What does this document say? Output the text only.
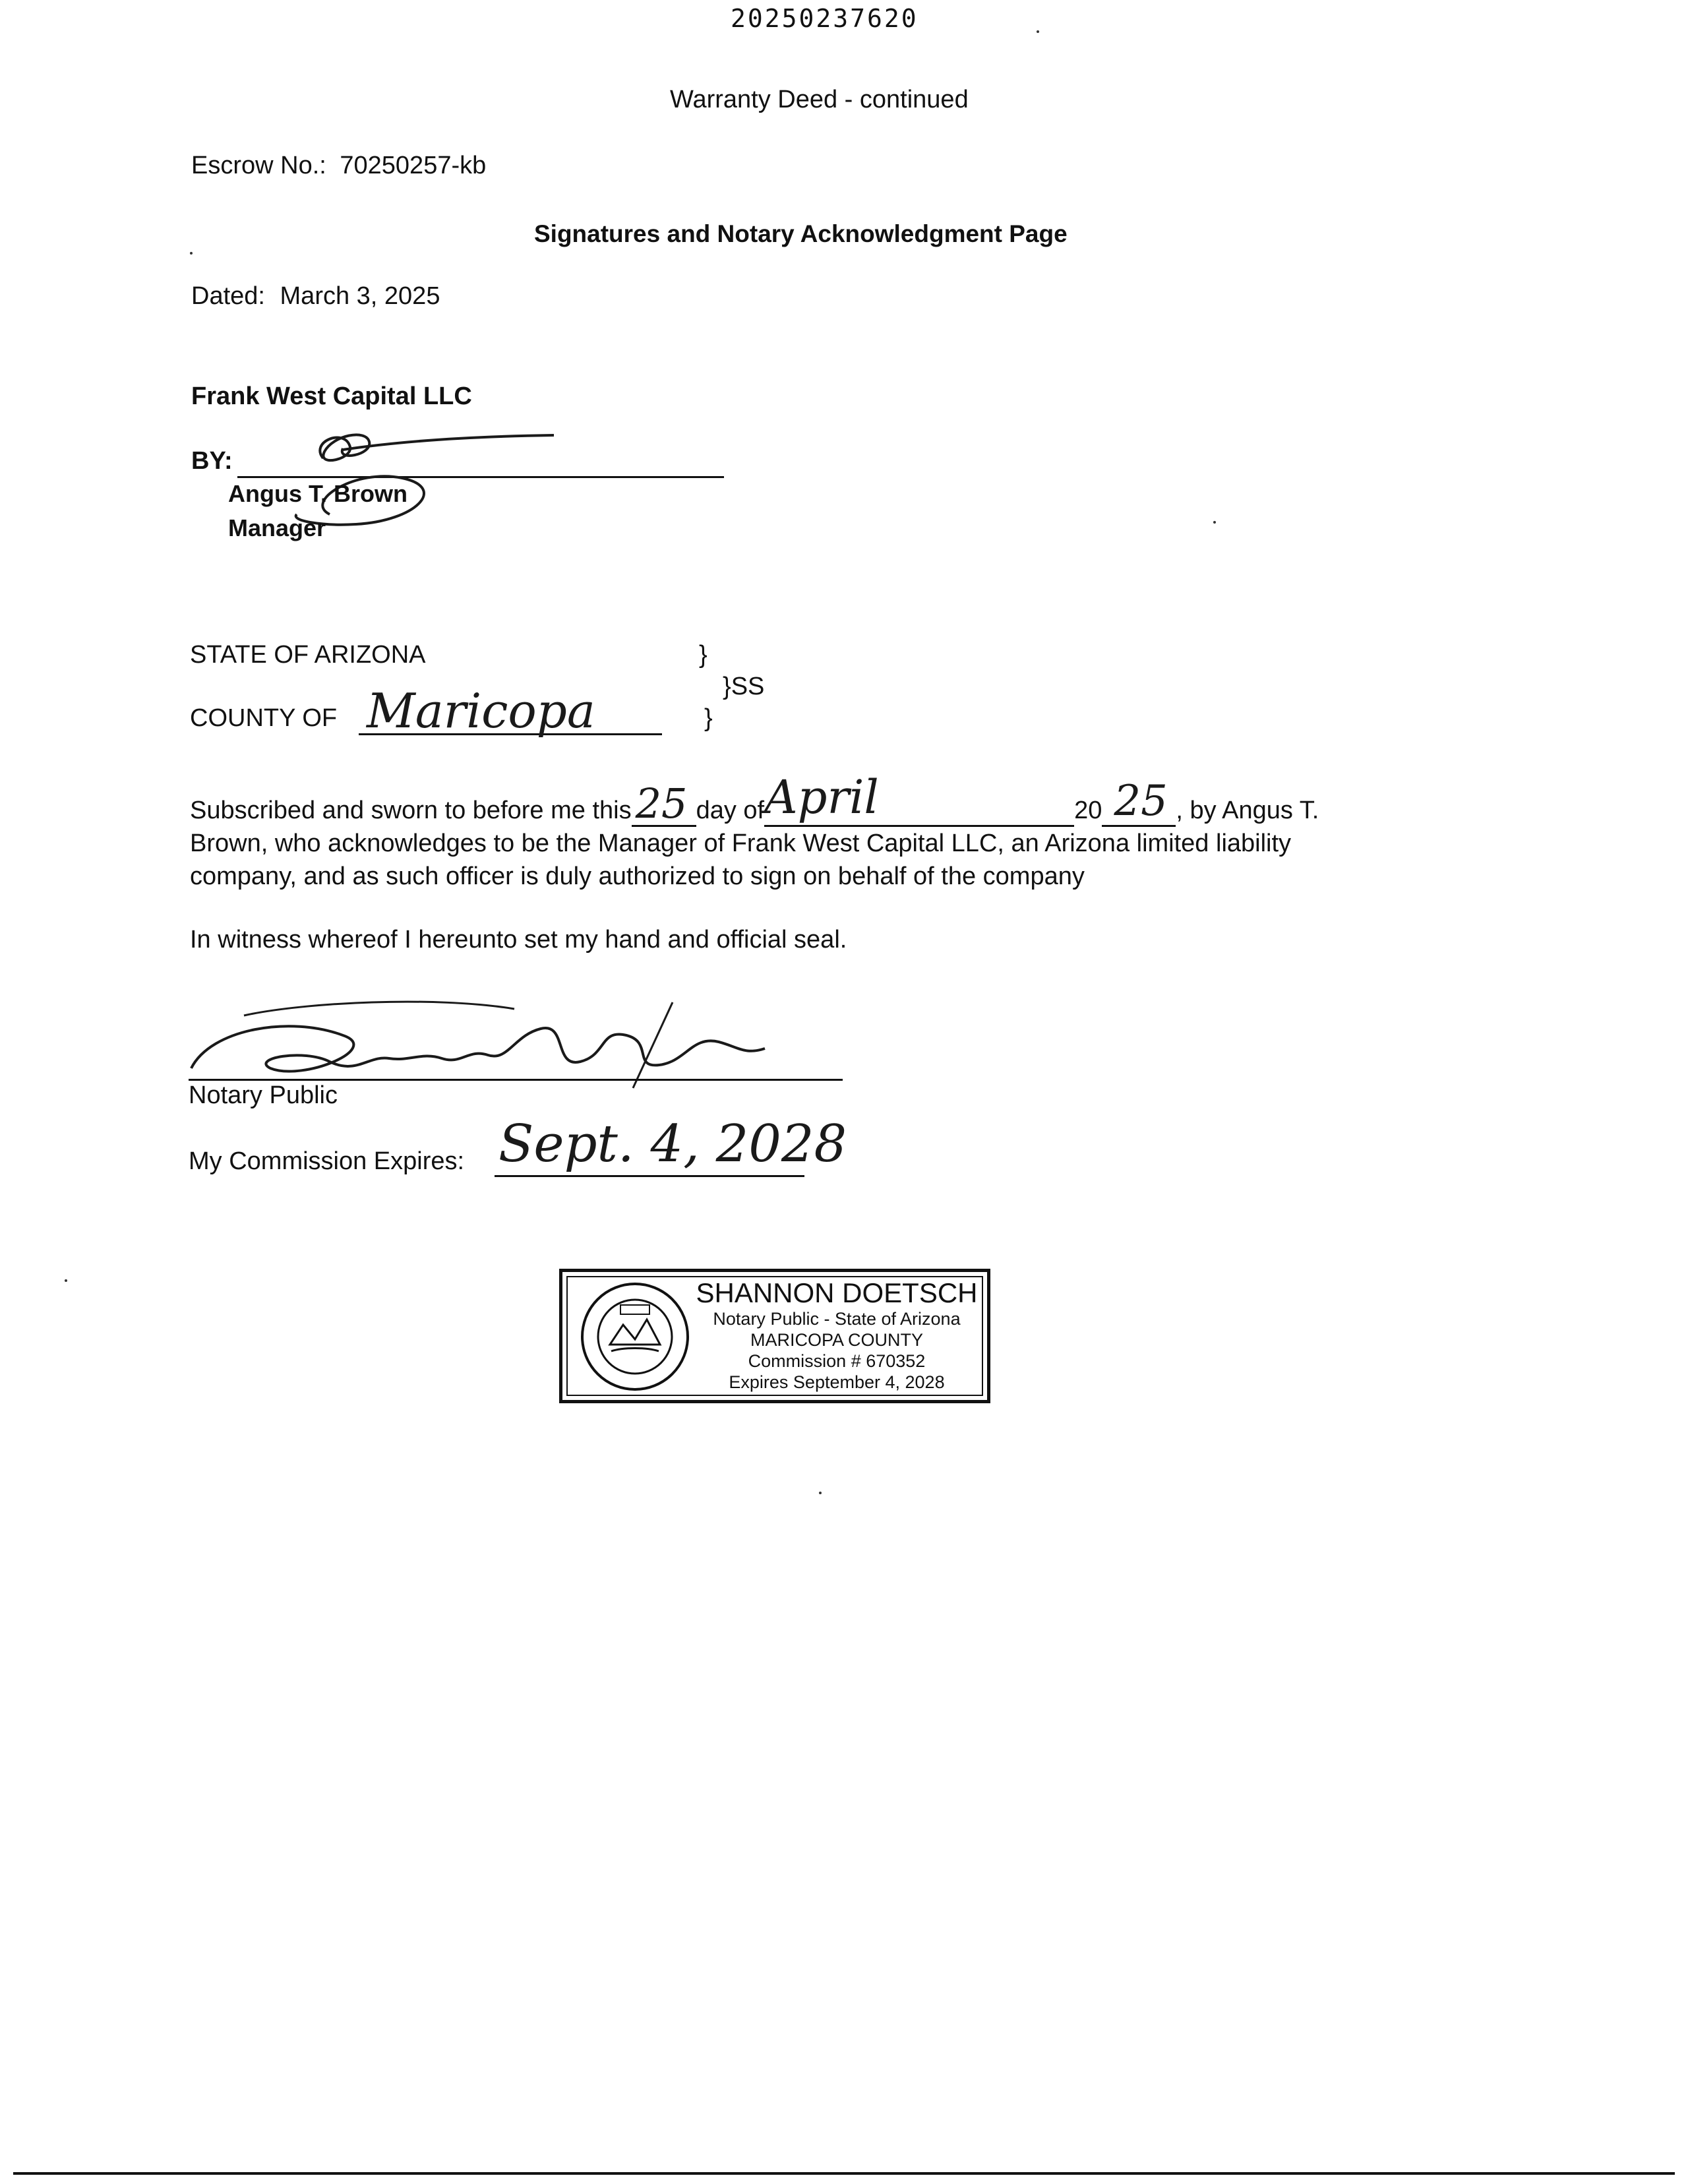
20250237620
Warranty Deed - continued
Escrow No.: 70250257-kb
Signatures and Notary Acknowledgment Page
Dated: March 3, 2025
Frank West Capital LLC
BY:
Angus T. Brown
Manager
STATE OF ARIZONA	}
}SS
}
COUNTY OF Maricopa
Subscribed and sworn to before me this 25 day of April	20 25 , by Angus T.
Brown, who acknowledges to be the Manager of Frank West Capital LLC, an Arizona limited liability
company, and as such officer is duly authorized to sign on behalf of the company
In witness whereof I hereunto set my hand and official seal.
Notary Public
My Commission Expires: Sept. 4, 2028
SHANNON DOETSCH
Notary Public - State of Arizona
MARICOPA COUNTY
Commission # 670352
Expires September 4, 2028
